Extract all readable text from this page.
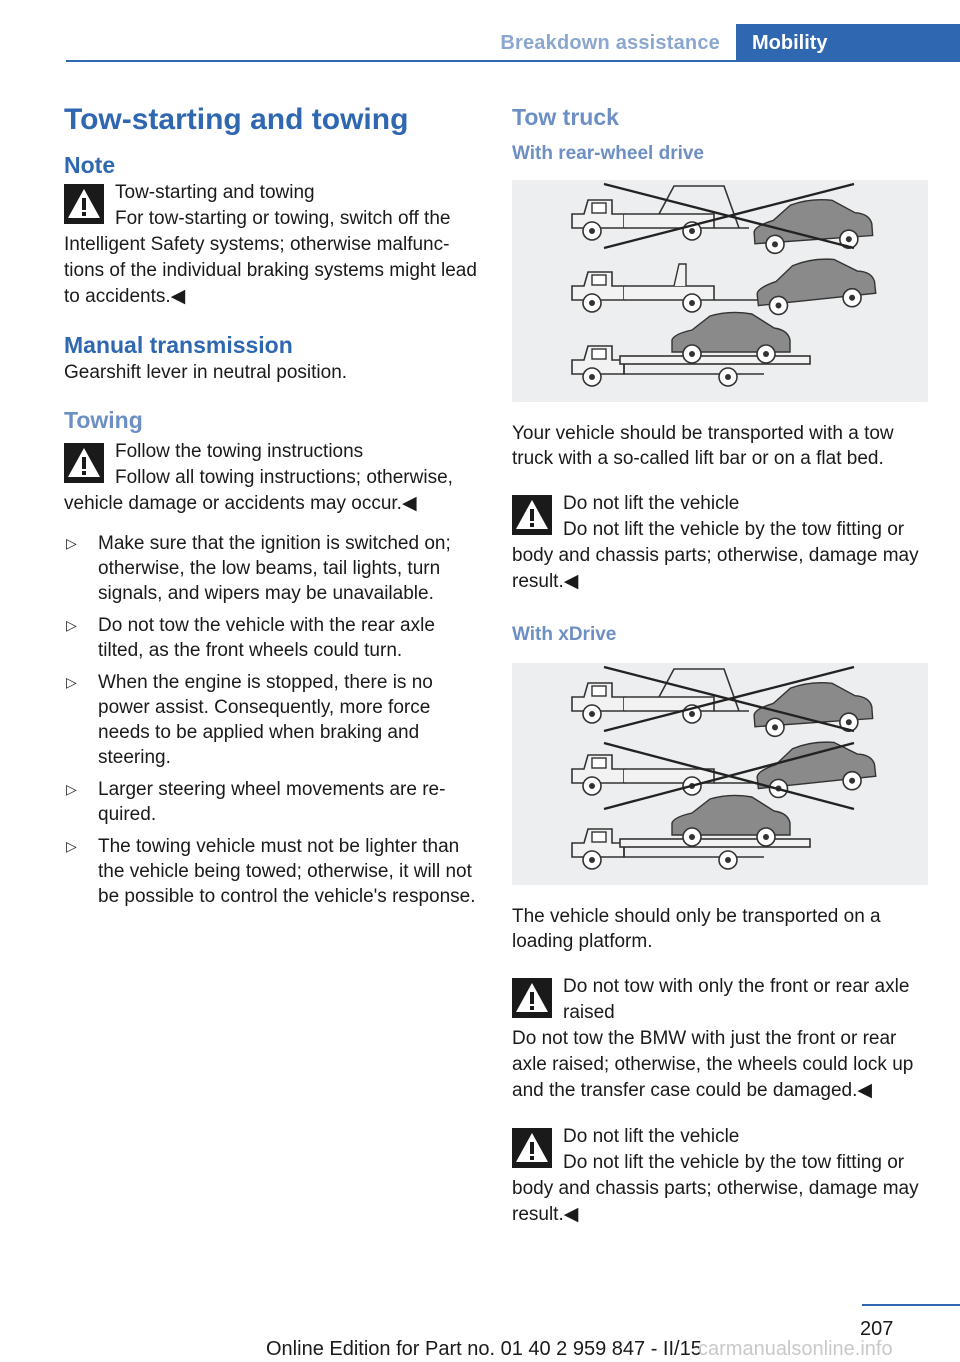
Breakdown assistance	Mobility
Tow-starting and towing
Note
Tow-starting and towing
For tow-starting or towing, switch off the Intelligent Safety systems; otherwise malfunctions of the individual braking systems might lead to accidents.◀
Manual transmission

Gearshift lever in neutral position.

Towing
Follow the towing instructions
Follow all towing instructions; otherwise, vehicle damage or accidents may occur.◀
▷ Make sure that the ignition is switched on; otherwise, the low beams, tail lights, turn signals, and wipers may be unavailable.
▷ Do not tow the vehicle with the rear axle tilted, as the front wheels could turn.
▷ When the engine is stopped, there is no power assist. Consequently, more force needs to be applied when braking and steering.
▷ Larger steering wheel movements are required.
▷ The towing vehicle must not be lighter than the vehicle being towed; otherwise, it will not be possible to control the vehicle's response.
Tow truck
With rear-wheel drive

Your vehicle should be transported with a tow truck with a so-called lift bar or on a flat bed.

Do not lift the vehicle
Do not lift the vehicle by the tow fitting or body and chassis parts; otherwise, damage may result.◀
With xDrive

The vehicle should only be transported on a loading platform.

Do not tow with only the front or rear axle raised
Do not tow the BMW with just the front or rear axle raised; otherwise, the wheels could lock up and the transfer case could be damaged.◀
Do not lift the vehicle
Do not lift the vehicle by the tow fitting or body and chassis parts; otherwise, damage may result.◀
207
Online Edition for Part no. 01 40 2 959 847 - II/15
carmanualsonline.info
